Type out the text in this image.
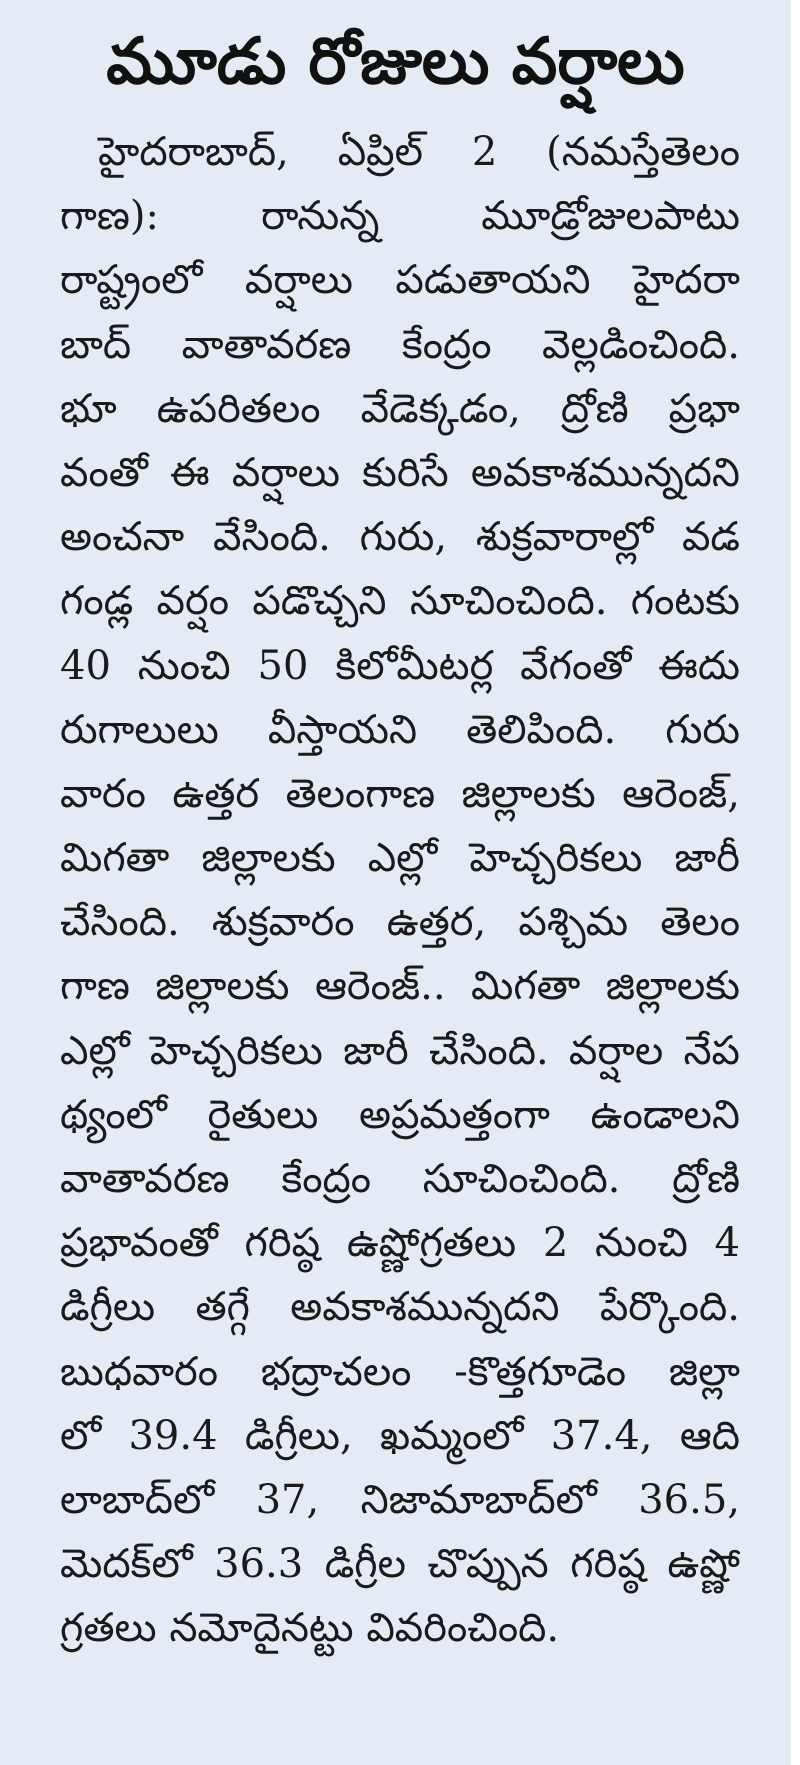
మూడు రోజులు వర్షాలు
హైదరాబాద్, ఏప్రిల్ 2 (నమస్తేతెలం
గాణ): రానున్న మూడ్రోజులపాటు
రాష్ట్రంలో వర్షాలు పడుతాయని హైదరా
బాద్ వాతావరణ కేంద్రం వెల్లడించింది.
భూ ఉపరితలం వేడెక్కడం, ద్రోణి ప్రభా
వంతో ఈ వర్షాలు కురిసే అవకాశమున్నదని
అంచనా వేసింది. గురు, శుక్రవారాల్లో వడ
గండ్ల వర్షం పడొచ్చని సూచించింది. గంటకు
40 నుంచి 50 కిలోమీటర్ల వేగంతో ఈదు
రుగాలులు వీస్తాయని తెలిపింది. గురు
వారం ఉత్తర తెలంగాణ జిల్లాలకు ఆరెంజ్,
మిగతా జిల్లాలకు ఎల్లో హెచ్చరికలు జారీ
చేసింది. శుక్రవారం ఉత్తర, పశ్చిమ తెలం
గాణ జిల్లాలకు ఆరెంజ్.. మిగతా జిల్లాలకు
ఎల్లో హెచ్చరికలు జారీ చేసింది. వర్షాల నేప
థ్యంలో రైతులు అప్రమత్తంగా ఉండాలని
వాతావరణ కేంద్రం సూచించింది. ద్రోణి
ప్రభావంతో గరిష్ఠ ఉష్ణోగ్రతలు 2 నుంచి 4
డిగ్రీలు తగ్గే అవకాశమున్నదని పేర్కొంది.
బుధవారం భద్రాచలం -కొత్తగూడెం జిల్లా
లో 39.4 డిగ్రీలు, ఖమ్మంలో 37.4, ఆది
లాబాద్‌లో 37, నిజామాబాద్‌లో 36.5,
మెదక్‌లో 36.3 డిగ్రీల చొప్పున గరిష్ఠ ఉష్ణో
గ్రతలు నమోదైనట్టు వివరించింది.
